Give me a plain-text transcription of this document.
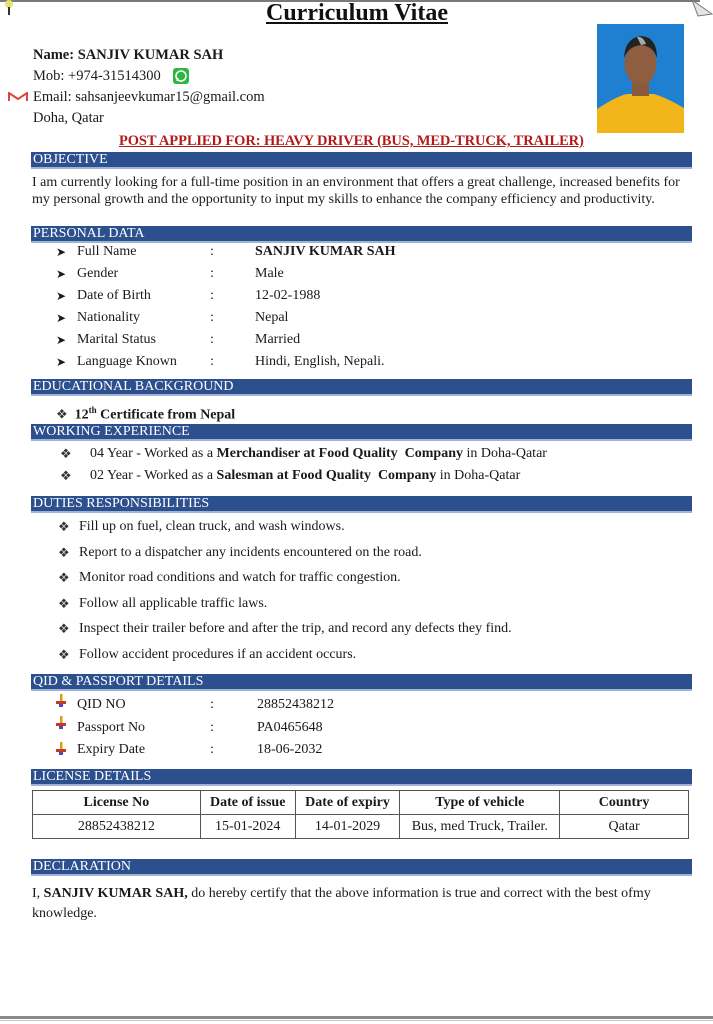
Curriculum Vitae
Name: SANJIV KUMAR SAH
Mob: +974-31514300
Email: sahsanjeevkumar15@gmail.com
Doha, Qatar
POST APPLIED FOR: HEAVY DRIVER (BUS, MED-TRUCK, TRAILER)
OBJECTIVE
I am currently looking for a full-time position in an environment that offers a great challenge, increased benefits for my personal growth and the opportunity to input my skills to enhance the company efficiency and productivity.
PERSONAL DATA
➤ Full Name	:	SANJIV KUMAR SAH
➤ Gender	:	Male
➤ Date of Birth	:	12-02-1988
➤ Nationality	:	Nepal
➤ Marital Status	:	Married
➤ Language Known :	Hindi, English, Nepali.
EDUCATIONAL BACKGROUND
❖ 12th Certificate from Nepal
WORKING EXPERIENCE
❖ 04 Year - Worked as a Merchandiser at Food Quality  Company in Doha-Qatar
❖ 02 Year - Worked as a Salesman at Food Quality  Company in Doha-Qatar
DUTIES RESPONSIBILITIES
❖ Fill up on fuel, clean truck, and wash windows.
❖ Report to a dispatcher any incidents encountered on the road.
❖ Monitor road conditions and watch for traffic congestion.
❖ Follow all applicable traffic laws.
❖ Inspect their trailer before and after the trip, and record any defects they find.
❖ Follow accident procedures if an accident occurs.
QID & PASSPORT DETAILS
QID NO	:	28852438212
Passport No	:	PA0465648
Expiry Date	:	18-06-2032
LICENSE DETAILS
License No	Date of issue	Date of expiry	Type of vehicle	Country
28852438212	15-01-2024	14-01-2029	Bus, med Truck, Trailer.	Qatar
DECLARATION
I, SANJIV KUMAR SAH, do hereby certify that the above information is true and correct with the best ofmy knowledge.
